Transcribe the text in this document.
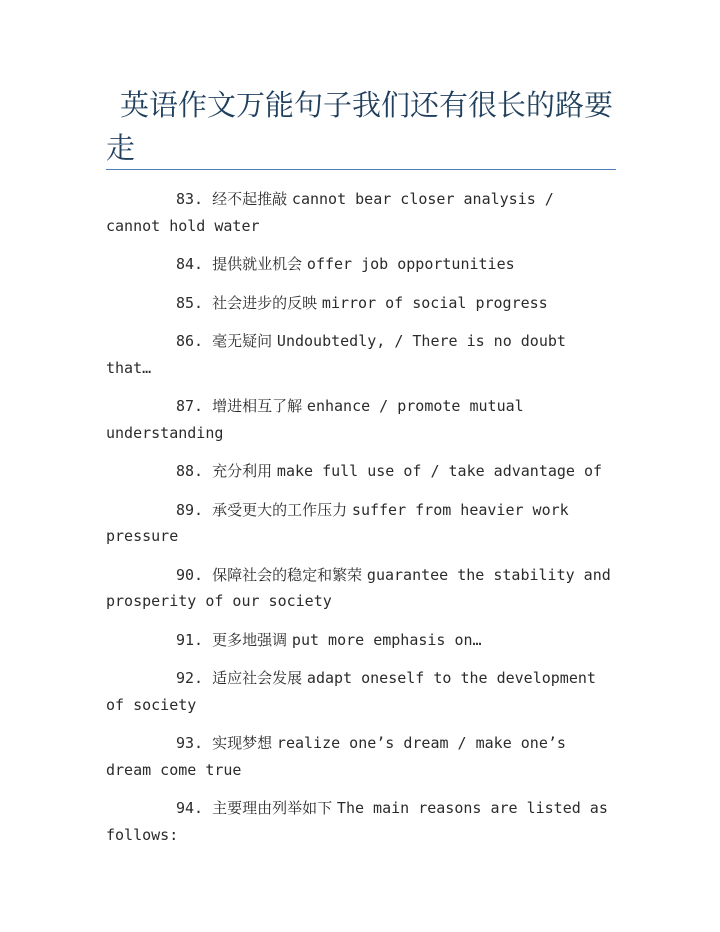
英语作文万能句子我们还有很长的路要走
83. 经不起推敲 cannot bear closer analysis / cannot hold water
84. 提供就业机会 offer job opportunities
85. 社会进步的反映 mirror of social progress
86. 毫无疑问 Undoubtedly, / There is no doubt that…
87. 增进相互了解 enhance / promote mutual understanding
88. 充分利用 make full use of / take advantage of
89. 承受更大的工作压力 suffer from heavier work pressure
90. 保障社会的稳定和繁荣 guarantee the stability and prosperity of our society
91. 更多地强调 put more emphasis on…
92. 适应社会发展 adapt oneself to the development of society
93. 实现梦想 realize one’s dream / make one’s dream come true
94. 主要理由列举如下 The main reasons are listed as follows:
